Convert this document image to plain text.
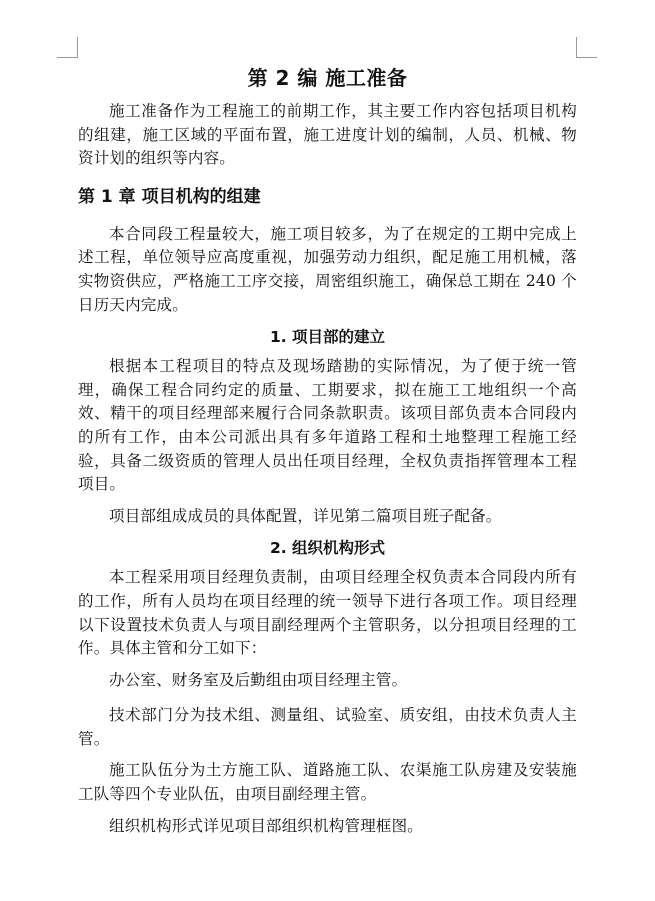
第 2 编 施工准备

施工准备作为工程施工的前期工作，其主要工作内容包括项目机构的组建，施工区域的平面布置，施工进度计划的编制，人员、机械、物资计划的组织等内容。

第 1 章 项目机构的组建

本合同段工程量较大，施工项目较多，为了在规定的工期中完成上述工程，单位领导应高度重视，加强劳动力组织，配足施工用机械，落实物资供应，严格施工工序交接，周密组织施工，确保总工期在 240 个日历天内完成。

1. 项目部的建立

根据本工程项目的特点及现场踏勘的实际情况，为了便于统一管理，确保工程合同约定的质量、工期要求，拟在施工工地组织一个高效、精干的项目经理部来履行合同条款职责。该项目部负责本合同段内的所有工作，由本公司派出具有多年道路工程和土地整理工程施工经验，具备二级资质的管理人员出任项目经理，全权负责指挥管理本工程项目。

项目部组成成员的具体配置，详见第二篇项目班子配备。

2. 组织机构形式

本工程采用项目经理负责制，由项目经理全权负责本合同段内所有的工作，所有人员均在项目经理的统一领导下进行各项工作。项目经理以下设置技术负责人与项目副经理两个主管职务，以分担项目经理的工作。具体主管和分工如下：

办公室、财务室及后勤组由项目经理主管。

技术部门分为技术组、测量组、试验室、质安组，由技术负责人主管。

施工队伍分为土方施工队、道路施工队、农渠施工队房建及安装施工队等四个专业队伍，由项目副经理主管。

组织机构形式详见项目部组织机构管理框图。
